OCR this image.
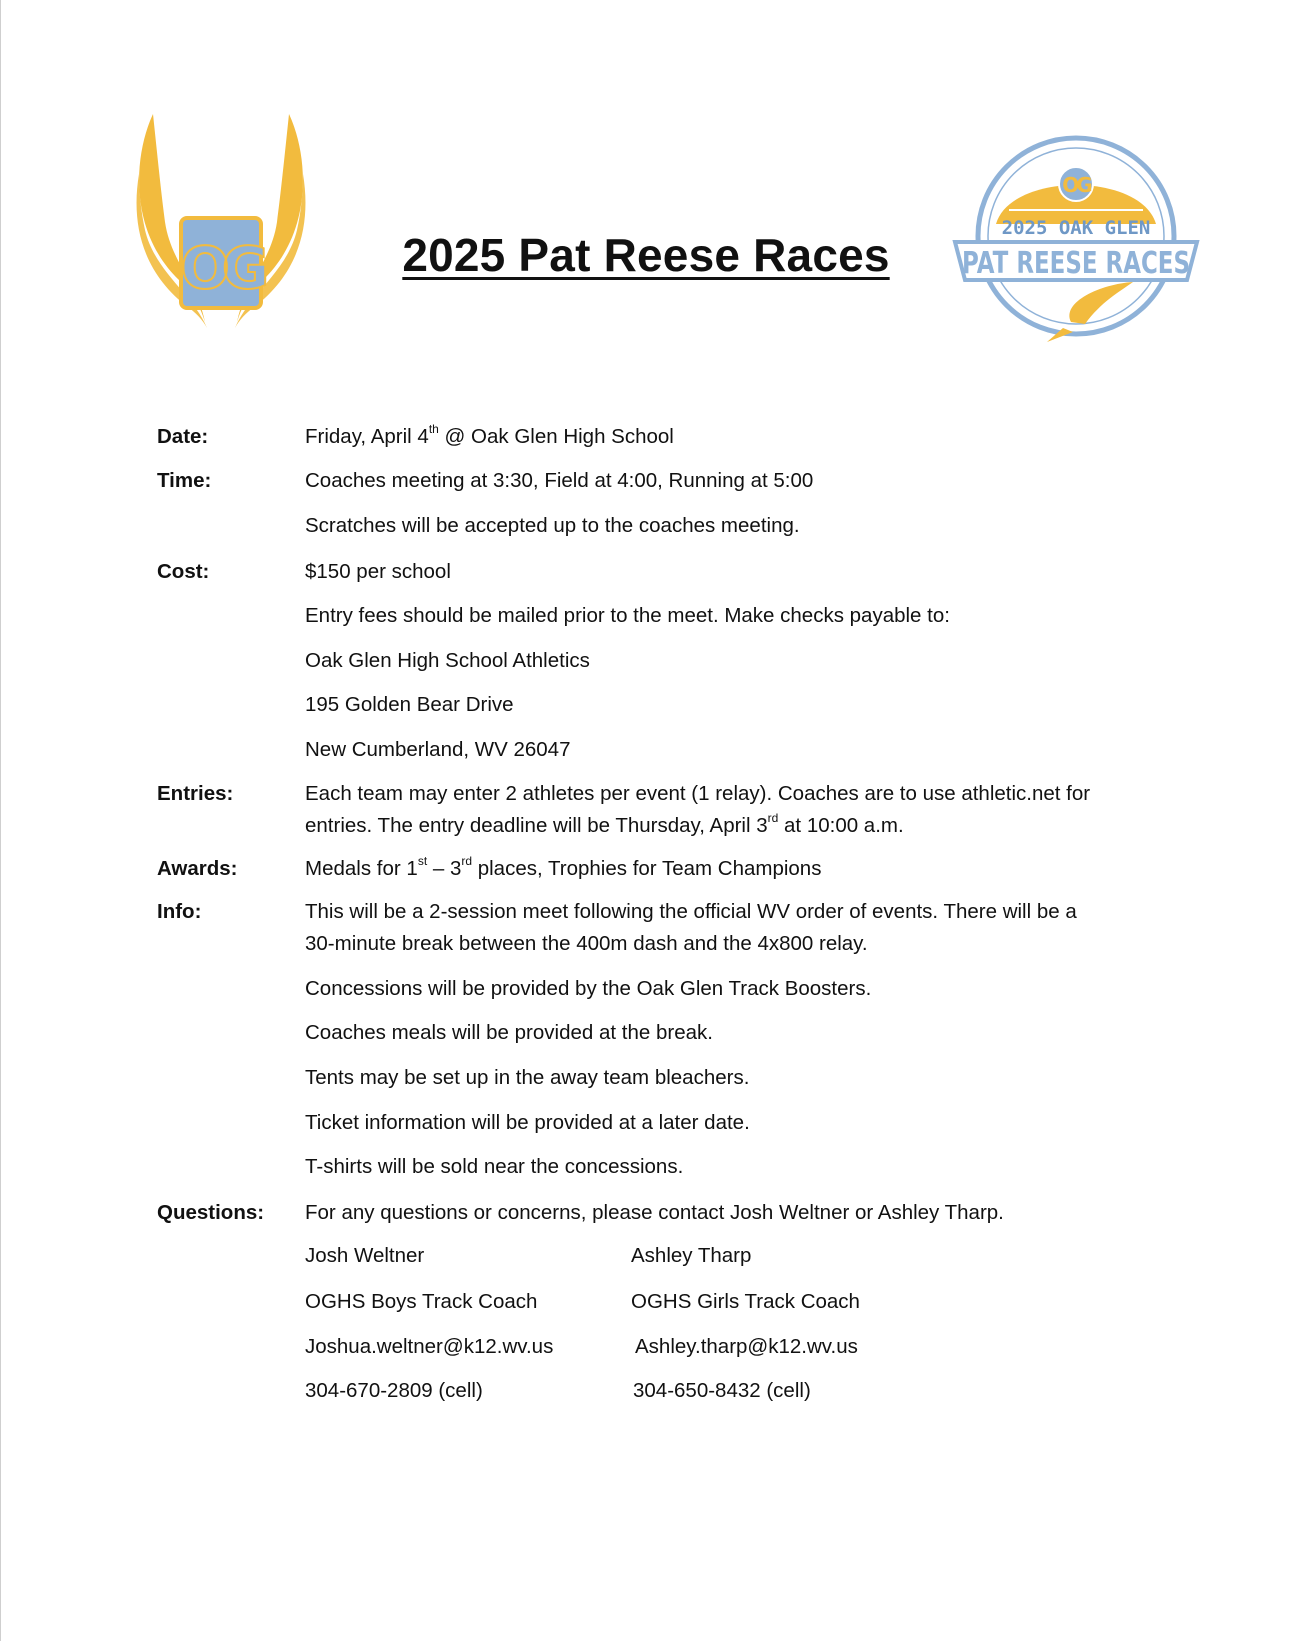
OG	2025 Pat Reese Races
OG
2025 OAK GLEN
PAT REESE RACES
Date:	Friday, April 4th @ Oak Glen High School
Time:	Coaches meeting at 3:30, Field at 4:00, Running at 5:00
Scratches will be accepted up to the coaches meeting.
Cost:	$150 per school
Entry fees should be mailed prior to the meet. Make checks payable to:
Oak Glen High School Athletics
195 Golden Bear Drive
New Cumberland, WV 26047
Entries:	Each team may enter 2 athletes per event (1 relay). Coaches are to use athletic.net for
entries. The entry deadline will be Thursday, April 3rd at 10:00 a.m.
Awards:	Medals for 1st – 3rd places, Trophies for Team Champions
Info:	This will be a 2-session meet following the official WV order of events. There will be a
30-minute break between the 400m dash and the 4x800 relay.
Concessions will be provided by the Oak Glen Track Boosters.
Coaches meals will be provided at the break.
Tents may be set up in the away team bleachers.
Ticket information will be provided at a later date.
T-shirts will be sold near the concessions.
Questions: For any questions or concerns, please contact Josh Weltner or Ashley Tharp.
Josh Weltner	Ashley Tharp
OGHS Boys Track Coach	OGHS Girls Track Coach
Joshua.weltner@k12.wv.us	Ashley.tharp@k12.wv.us
304-670-2809 (cell)	304-650-8432 (cell)
